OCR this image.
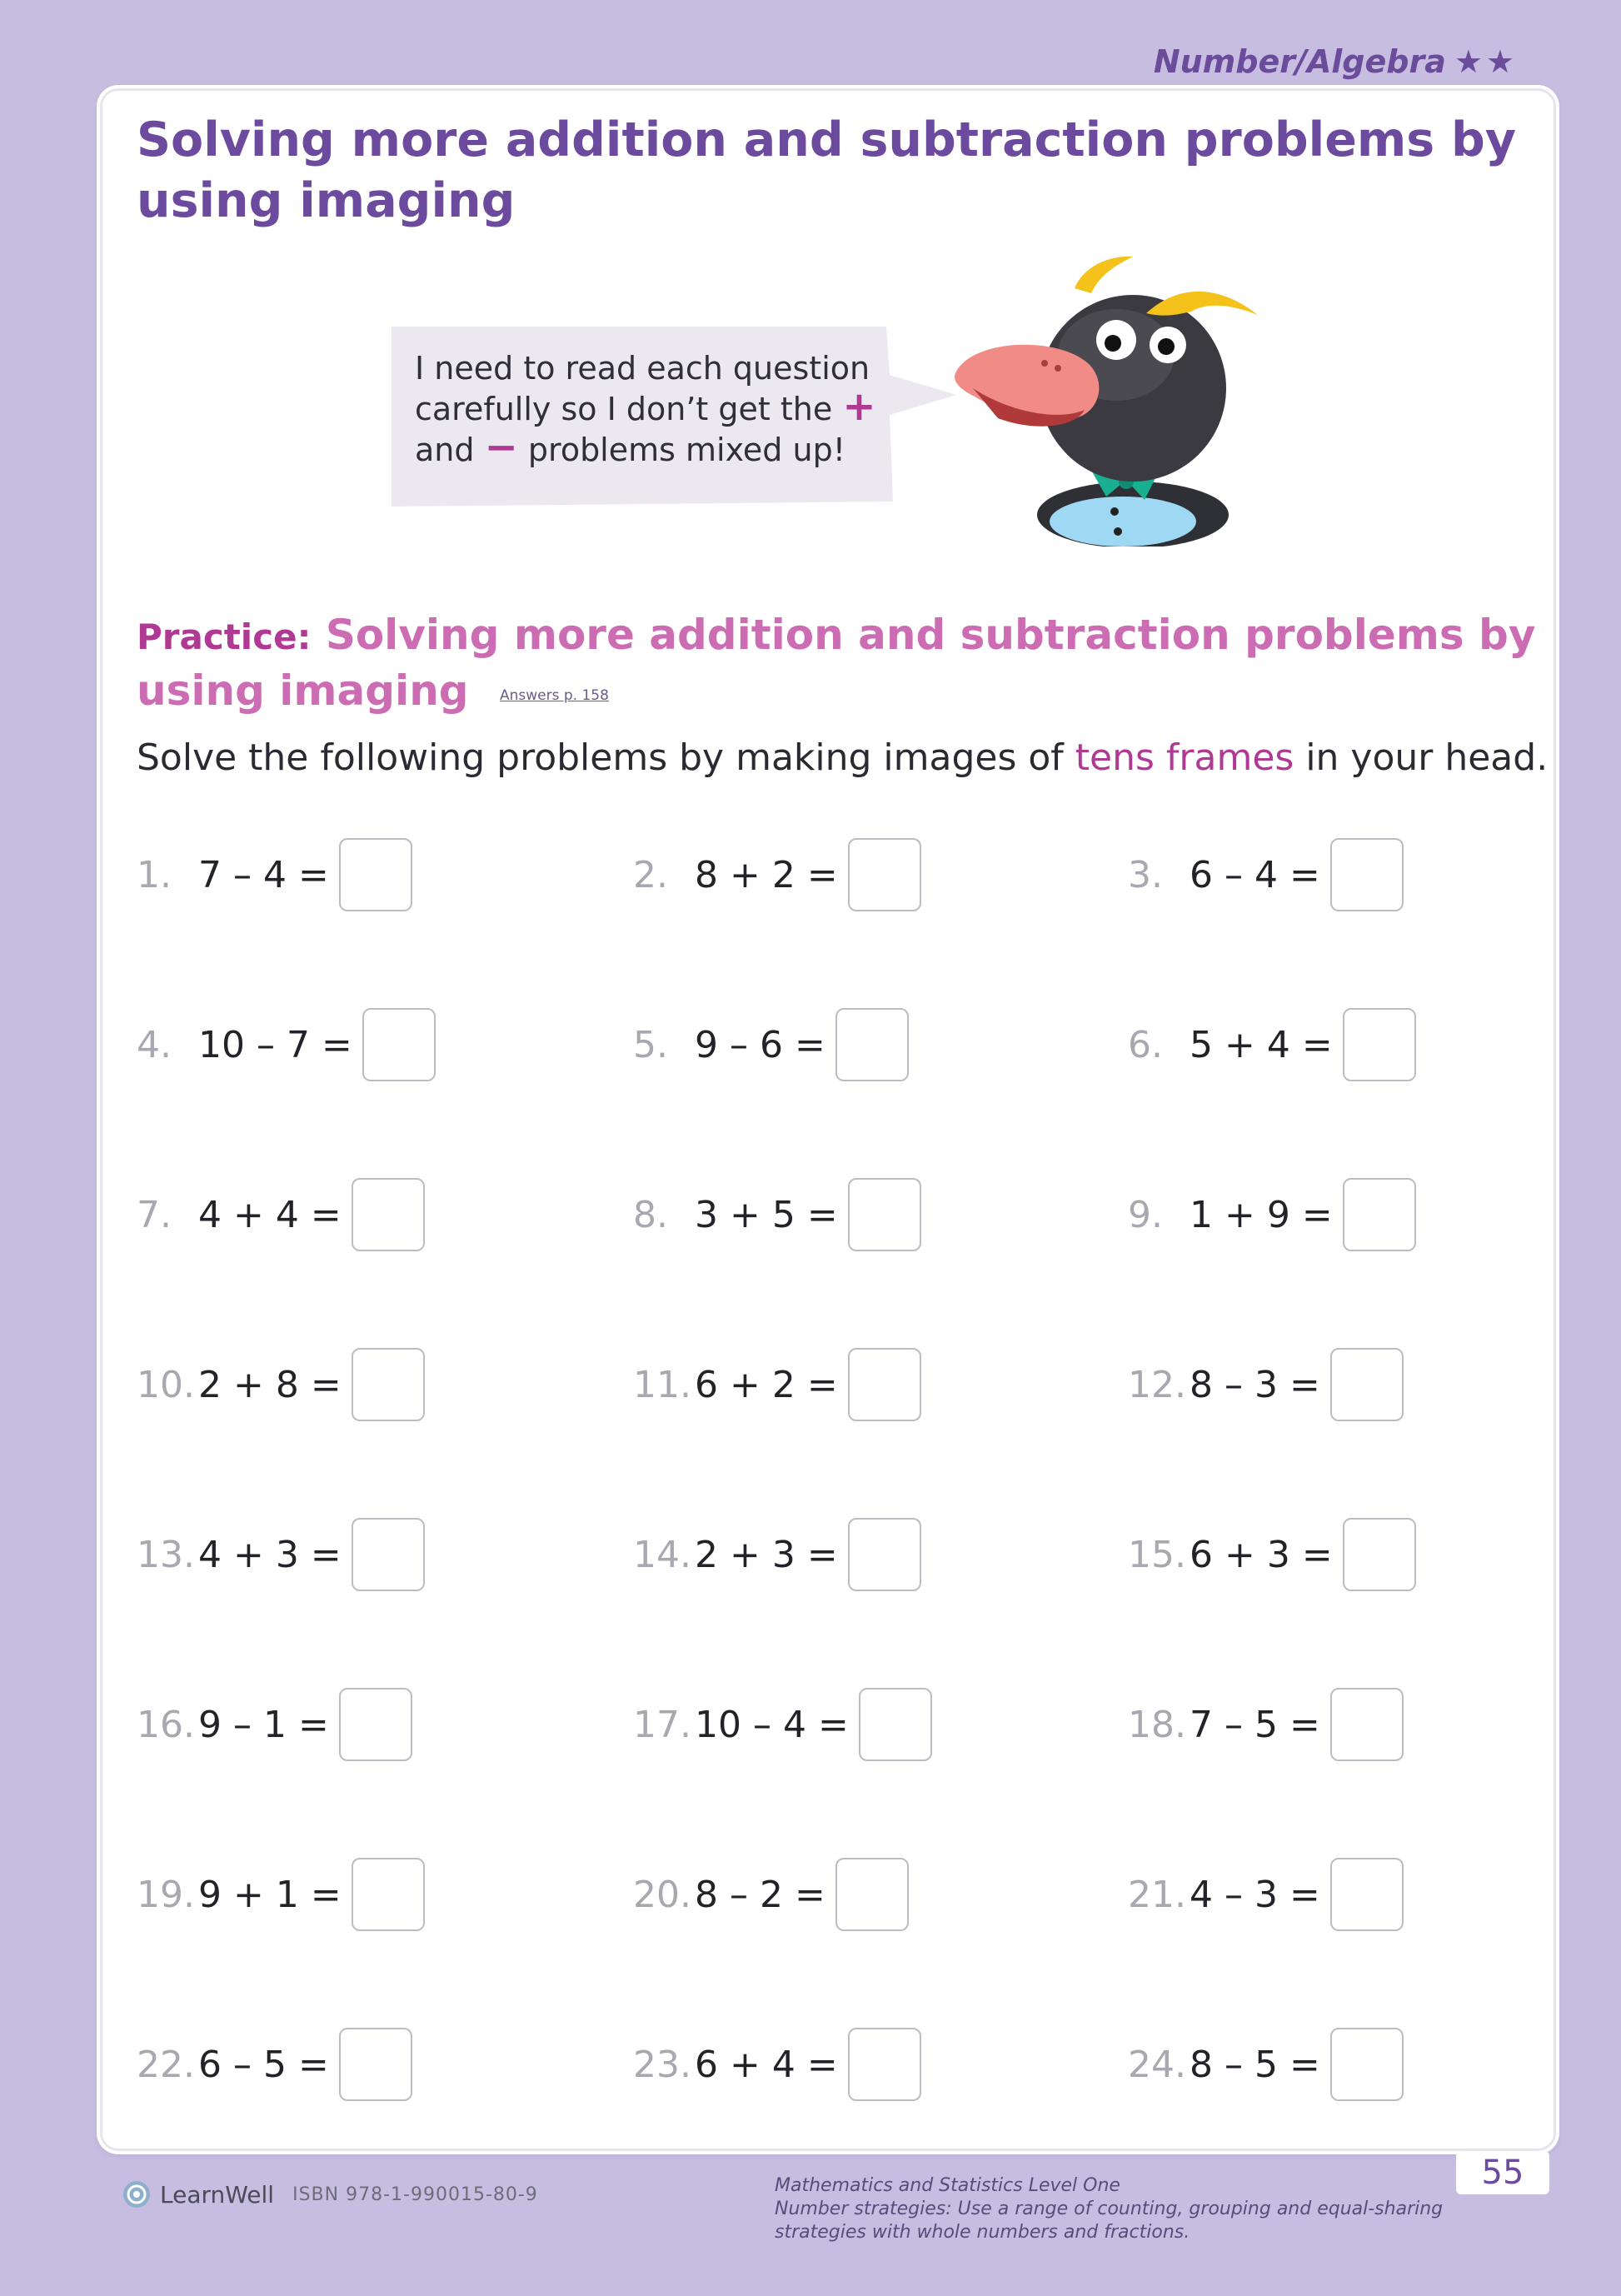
Number/Algebra ★★
Solving more addition and subtraction problems by using imaging
I need to read each question
carefully so I don’t get the +
and − problems mixed up!
Practice: Solving more addition and subtraction problems by using imaging Answers p. 158
Solve the following problems by making images of tens frames in your head.
1. 7 – 4 =	2. 8 + 2 =	3. 6 – 4 =
4. 10 – 7 =	5. 9 – 6 =	6. 5 + 4 =
7. 4 + 4 =	8. 3 + 5 =	9. 1 + 9 =
10. 2 + 8 =	11. 6 + 2 =	12. 8 – 3 =
13. 4 + 3 =	14. 2 + 3 =	15. 6 + 3 =
16. 9 – 1 =	17. 10 – 4 =	18. 7 – 5 =
19. 9 + 1 =	20. 8 – 2 =	21. 4 – 3 =
22. 6 – 5 =	23. 6 + 4 =	24. 8 – 5 =
LearnWell ISBN 978-1-990015-80-9	Mathematics and Statistics Level One
Number strategies: Use a range of counting, grouping and equal-sharing strategies with whole numbers and fractions.
55
